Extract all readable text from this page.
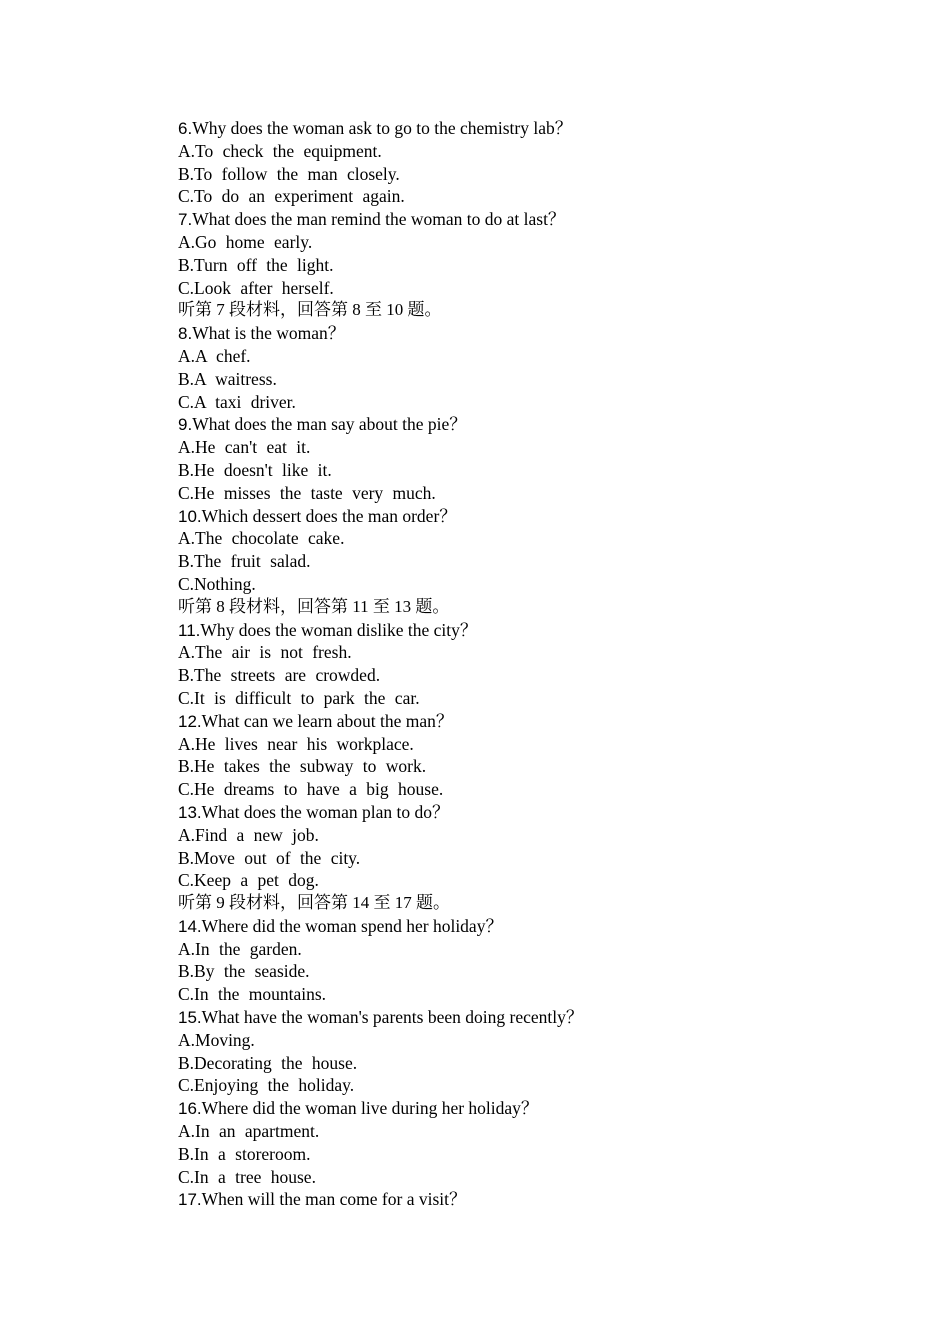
6.Why does the woman ask to go to the chemistry lab？
A.To check the equipment.
B.To follow the man closely.
C.To do an experiment again.
7.What does the man remind the woman to do at last？
A.Go home early.
B.Turn off the light.
C.Look after herself.
听第 7 段材料，回答第 8 至 10 题。
8.What is the woman？
A.A chef.
B.A waitress.
C.A taxi driver.
9.What does the man say about the pie？
A.He can't eat it.
B.He doesn't like it.
C.He misses the taste very much.
10.Which dessert does the man order？
A.The chocolate cake.
B.The fruit salad.
C.Nothing.
听第 8 段材料，回答第 11 至 13 题。
11.Why does the woman dislike the city？
A.The air is not fresh.
B.The streets are crowded.
C.It is difficult to park the car.
12.What can we learn about the man？
A.He lives near his workplace.
B.He takes the subway to work.
C.He dreams to have a big house.
13.What does the woman plan to do？
A.Find a new job.
B.Move out of the city.
C.Keep a pet dog.
听第 9 段材料，回答第 14 至 17 题。
14.Where did the woman spend her holiday？
A.In the garden.
B.By the seaside.
C.In the mountains.
15.What have the woman's parents been doing recently？
A.Moving.
B.Decorating the house.
C.Enjoying the holiday.
16.Where did the woman live during her holiday？
A.In an apartment.
B.In a storeroom.
C.In a tree house.
17.When will the man come for a visit？
